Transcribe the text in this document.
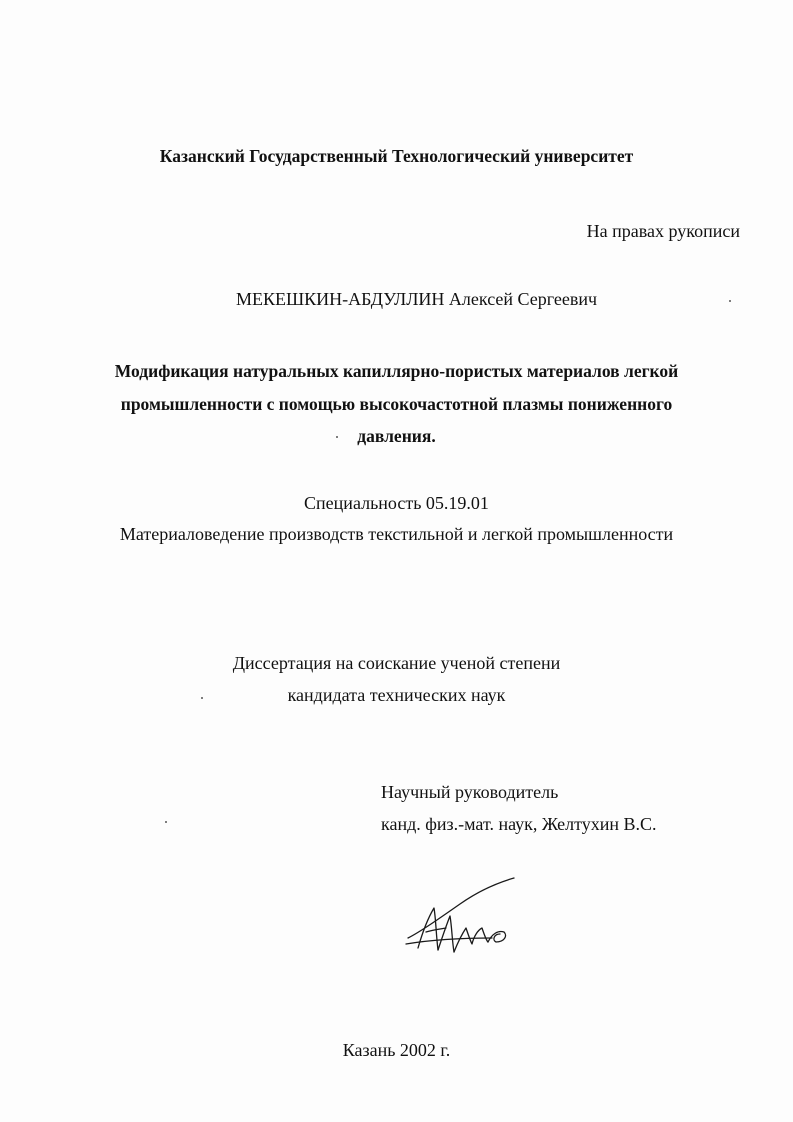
Казанский Государственный Технологический университет
На правах рукописи
МЕКЕШКИН-АБДУЛЛИН Алексей Сергеевич
Модификация натуральных капиллярно-пористых материалов легкой
промышленности с помощью высокочастотной плазмы пониженного
давления.
Специальность 05.19.01
Материаловедение производств текстильной и легкой промышленности
Диссертация на соискание ученой степени
кандидата технических наук
Научный руководитель
канд. физ.-мат. наук, Желтухин В.С.
Казань 2002 г.
